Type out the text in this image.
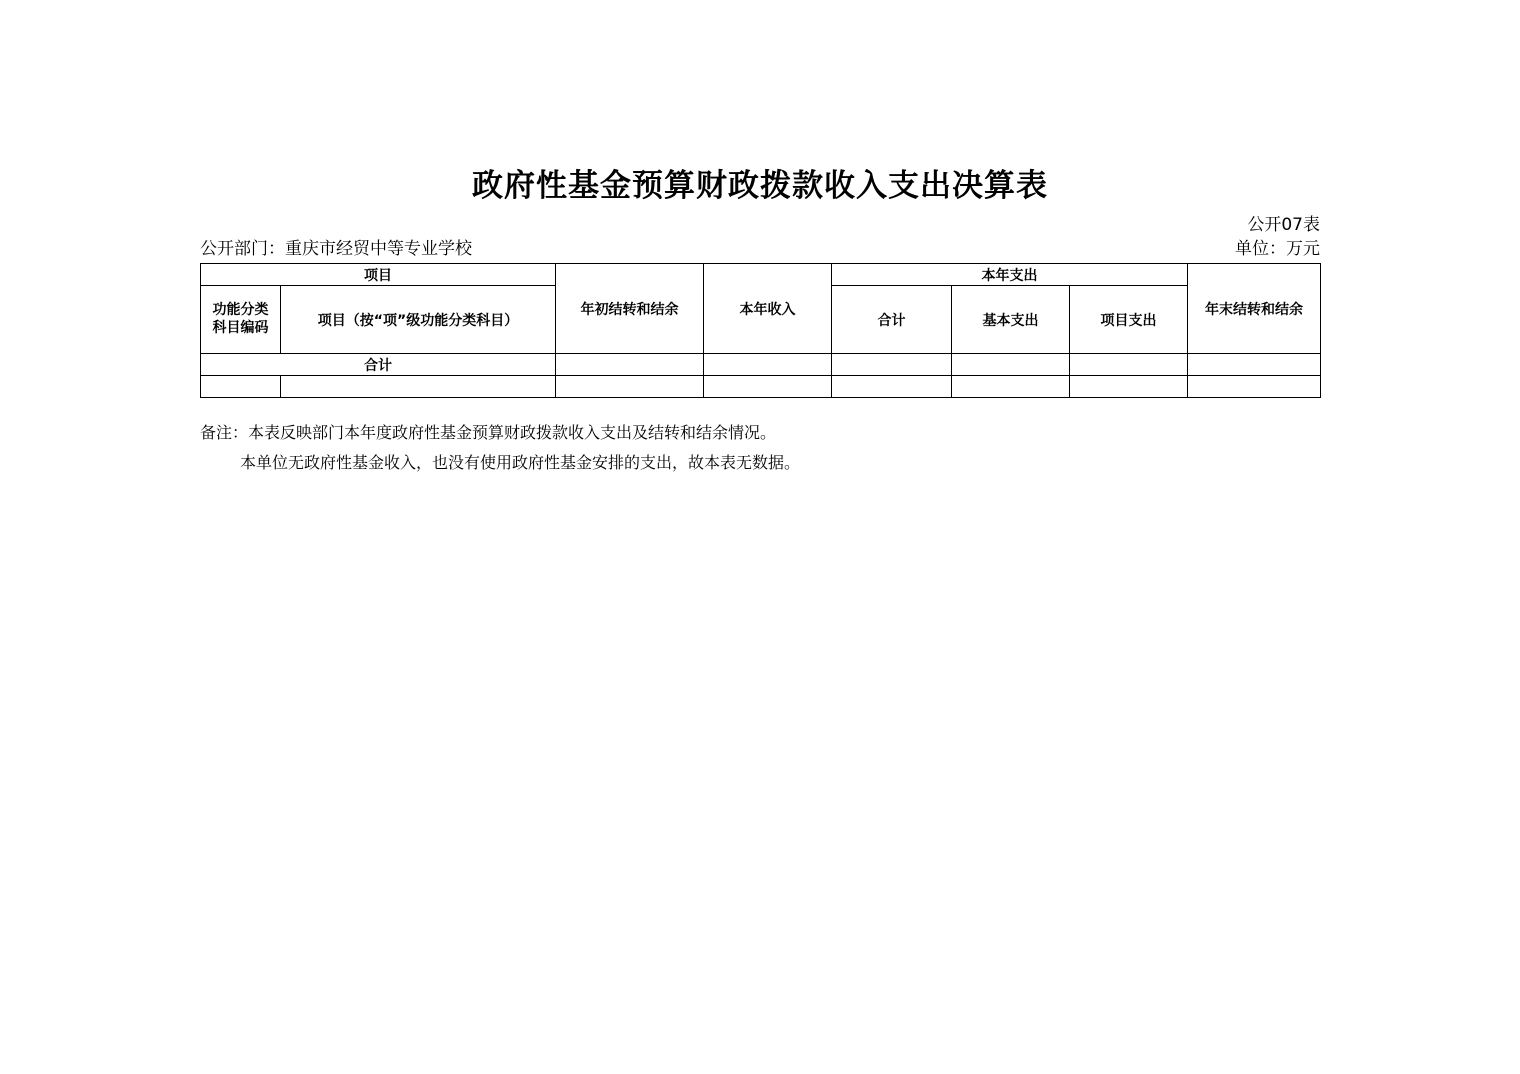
政府性基金预算财政拨款收入支出决算表
公开07表
公开部门：重庆市经贸中等专业学校	单位：万元
项目		年初结转和结余	本年收入	本年支出			年末结转和结余

功能分类
科目编码	项目（按“项”级功能分类科目）			合计	基本支出	项目支出	
合计							

备注：本表反映部门本年度政府性基金预算财政拨款收入支出及结转和结余情况。
本单位无政府性基金收入，也没有使用政府性基金安排的支出，故本表无数据。
